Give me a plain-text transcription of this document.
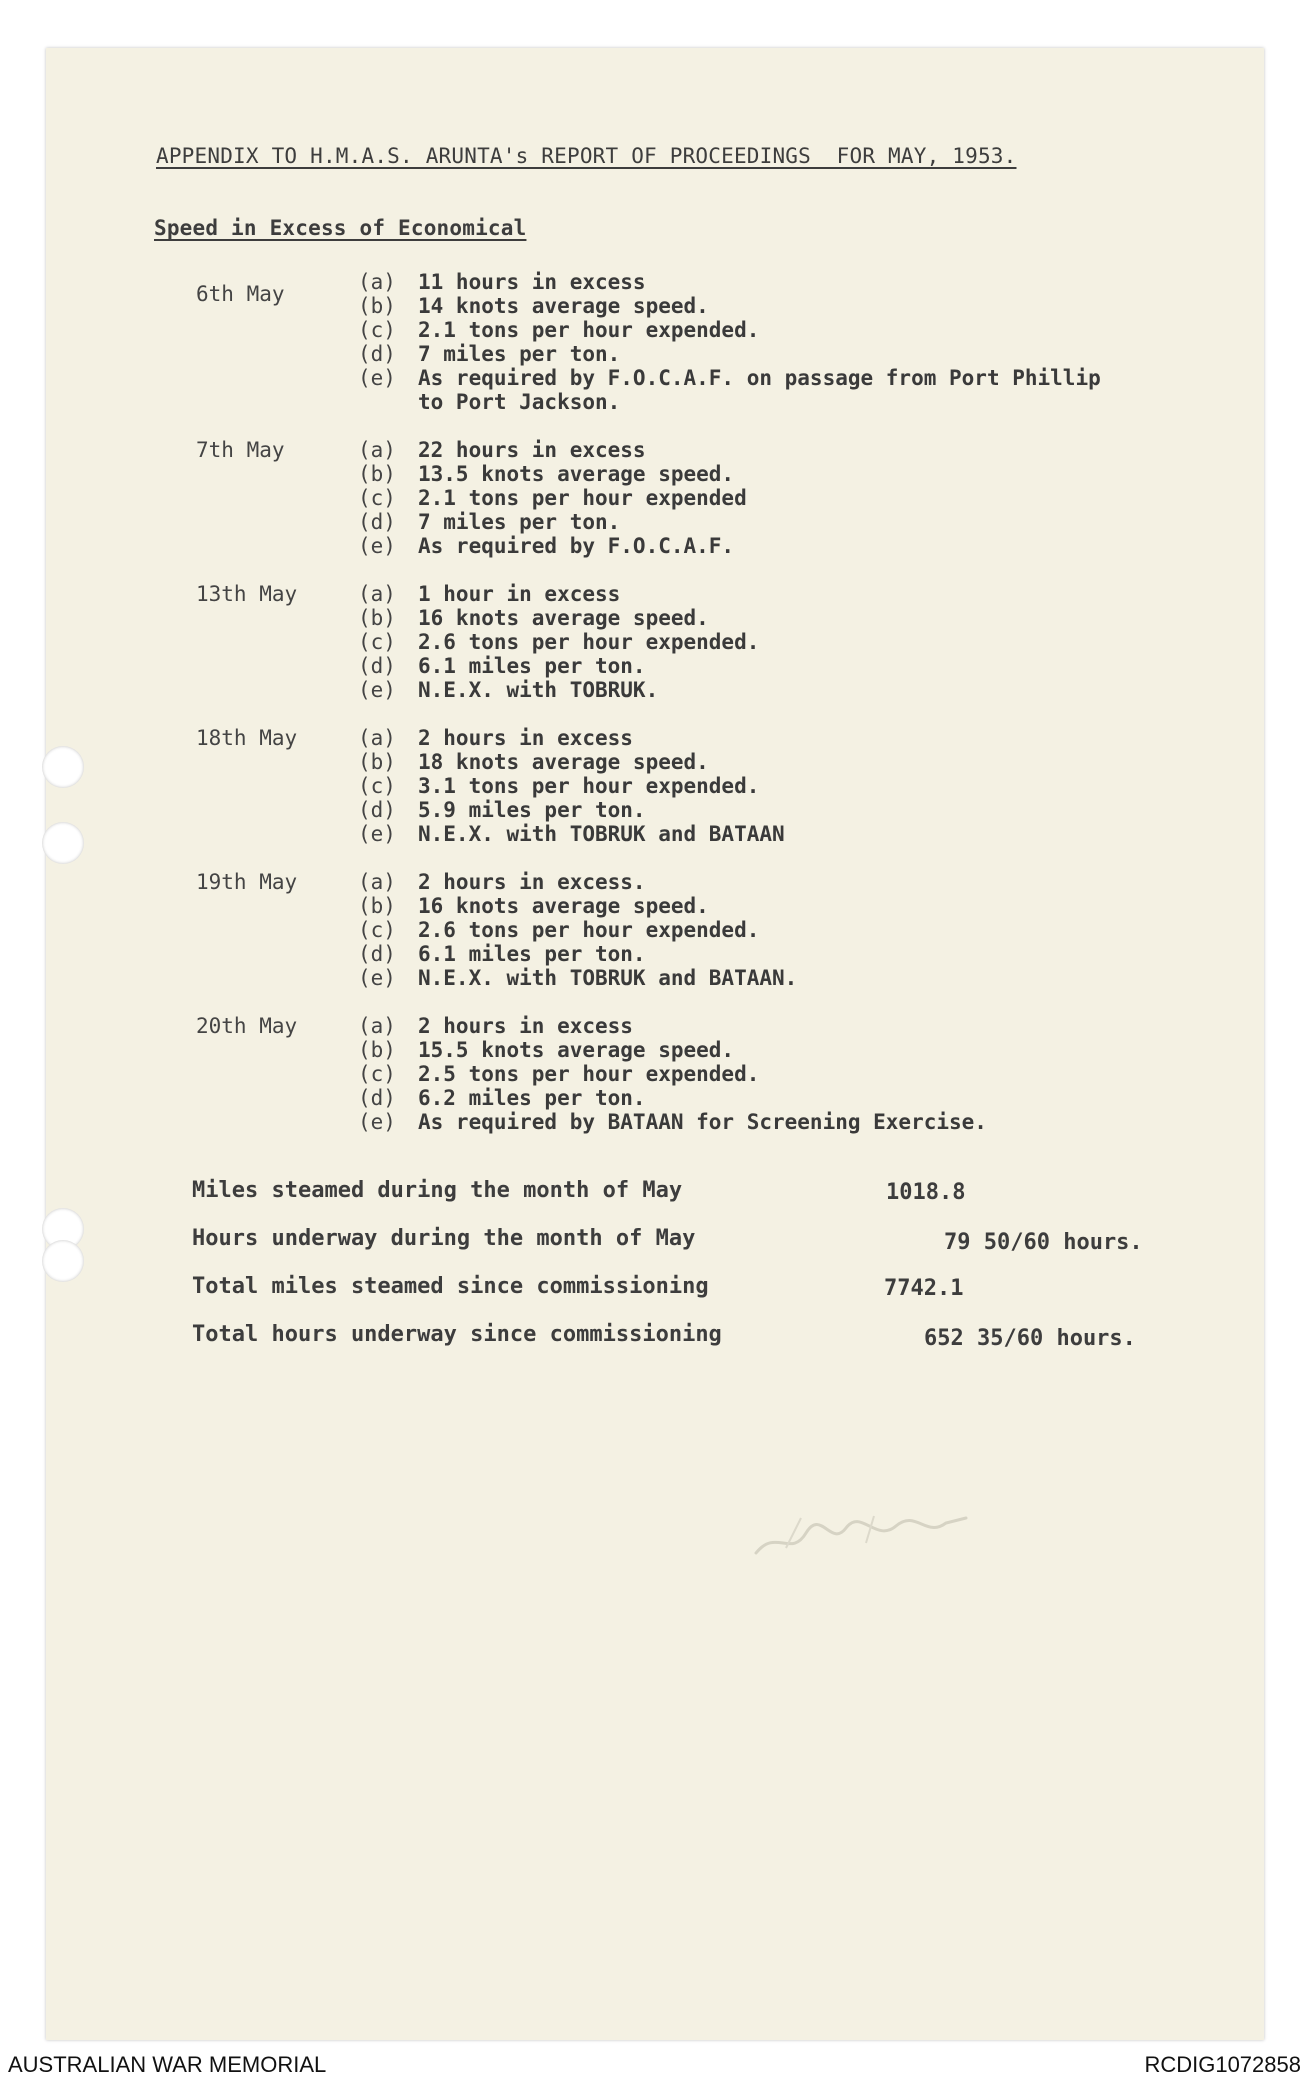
APPENDIX TO H.M.A.S. ARUNTA's REPORT OF PROCEEDINGS  FOR MAY, 1953.
Speed in Excess of Economical
6th May	(a) 11 hours in excess
(b) 14 knots average speed.
(c) 2.1 tons per hour expended.
(d) 7 miles per ton.
(e) As required by F.O.C.A.F. on passage from Port Phillip
to Port Jackson.
7th May	(a) 22 hours in excess
(b) 13.5 knots average speed.
(c) 2.1 tons per hour expended
(d) 7 miles per ton.
(e) As required by F.O.C.A.F.
13th May	(a) 1 hour in excess
(b) 16 knots average speed.
(c) 2.6 tons per hour expended.
(d) 6.1 miles per ton.
(e) N.E.X. with TOBRUK.
18th May	(a) 2 hours in excess
(b) 18 knots average speed.
(c) 3.1 tons per hour expended.
(d) 5.9 miles per ton.
(e) N.E.X. with TOBRUK and BATAAN
19th May	(a) 2 hours in excess.
(b) 16 knots average speed.
(c) 2.6 tons per hour expended.
(d) 6.1 miles per ton.
(e) N.E.X. with TOBRUK and BATAAN.
20th May	(a) 2 hours in excess
(b) 15.5 knots average speed.
(c) 2.5 tons per hour expended.
(d) 6.2 miles per ton.
(e) As required by BATAAN for Screening Exercise.
Miles steamed during the month of May	1018.8
Hours underway during the month of May	79 50/60 hours.
Total miles steamed since commissioning	7742.1
Total hours underway since commissioning	652 35/60 hours.
AUSTRALIAN WAR MEMORIAL	RCDIG1072858
